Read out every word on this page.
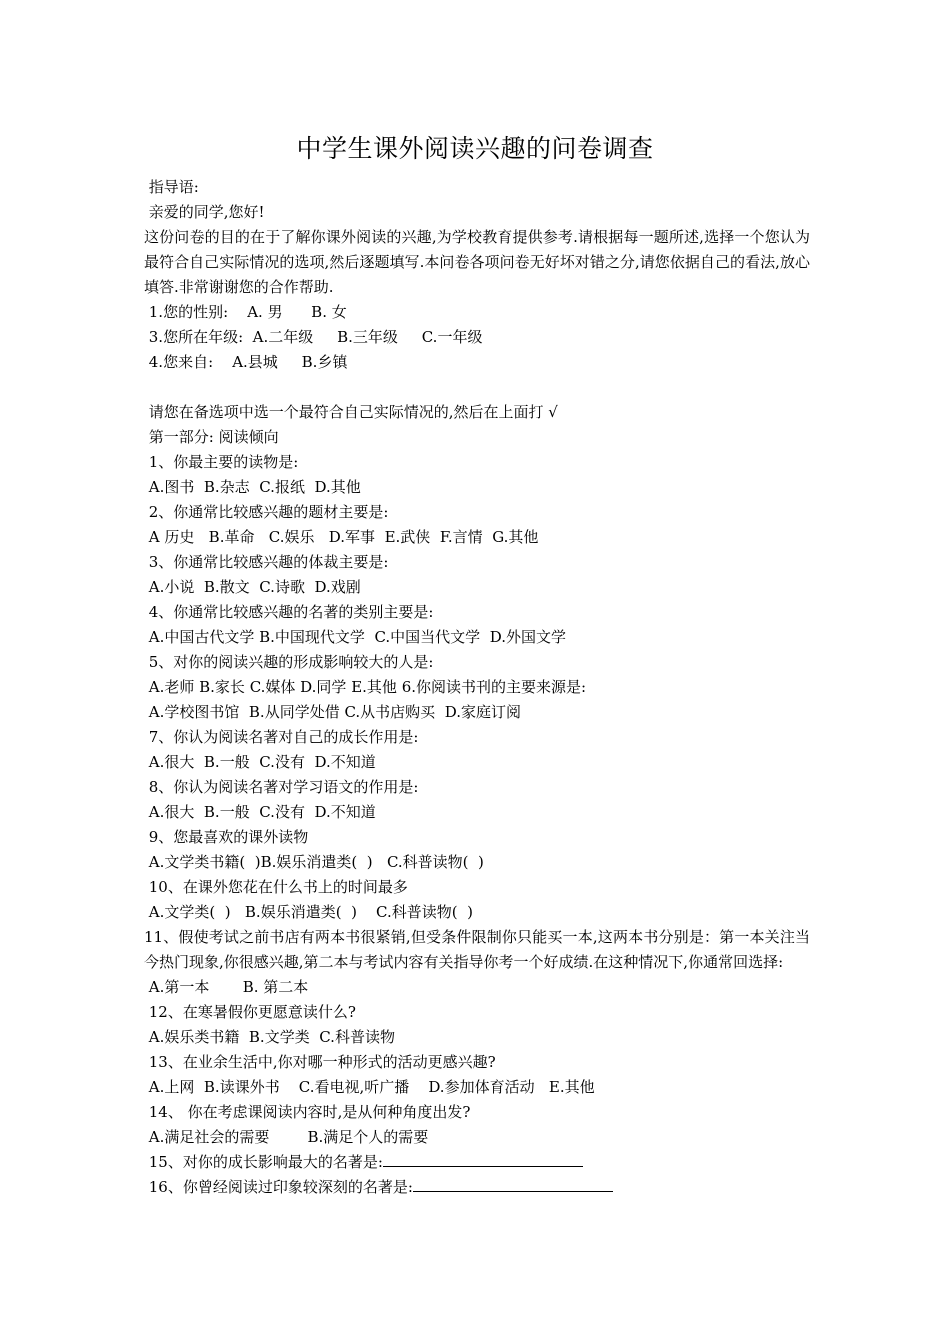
中学生课外阅读兴趣的问卷调查
指导语:
亲爱的同学,您好!
这份问卷的目的在于了解你课外阅读的兴趣,为学校教育提供参考.请根据每一题所述,选择一个您认为最符合自己实际情况的选项,然后逐题填写.本问卷各项问卷无好坏对错之分,请您依据自己的看法,放心填答.非常谢谢您的合作帮助.
1.您的性别:    A. 男      B. 女
3.您所在年级:  A.二年级     B.三年级     C.一年级
4.您来自:    A.县城     B.乡镇
请您在备选项中选一个最符合自己实际情况的,然后在上面打 √
第一部分: 阅读倾向
1、你最主要的读物是:
A.图书  B.杂志  C.报纸  D.其他
2、你通常比较感兴趣的题材主要是:
A 历史   B.革命   C.娱乐   D.军事  E.武侠  F.言情  G.其他
3、你通常比较感兴趣的体裁主要是:
A.小说  B.散文  C.诗歌  D.戏剧
4、你通常比较感兴趣的名著的类别主要是:
A.中国古代文学 B.中国现代文学  C.中国当代文学  D.外国文学
5、对你的阅读兴趣的形成影响较大的人是:
A.老师 B.家长 C.媒体 D.同学 E.其他 6.你阅读书刊的主要来源是:
A.学校图书馆  B.从同学处借 C.从书店购买  D.家庭订阅
7、你认为阅读名著对自己的成长作用是:
A.很大  B.一般  C.没有  D.不知道
8、你认为阅读名著对学习语文的作用是:
A.很大  B.一般  C.没有  D.不知道
9、您最喜欢的课外读物
A.文学类书籍(  )B.娱乐消遣类(  )   C.科普读物(  )
10、在课外您花在什么书上的时间最多
A.文学类(  )   B.娱乐消遣类(  )    C.科普读物(  )
11、假使考试之前书店有两本书很紧销,但受条件限制你只能买一本,这两本书分别是：第一本关注当今热门现象,你很感兴趣,第二本与考试内容有关指导你考一个好成绩.在这种情况下,你通常回选择:
A.第一本       B. 第二本
12、在寒暑假你更愿意读什么?
A.娱乐类书籍  B.文学类  C.科普读物
13、在业余生活中,你对哪一种形式的活动更感兴趣?
A.上网  B.读课外书    C.看电视,听广播    D.参加体育活动   E.其他
14、 你在考虑课阅读内容时,是从何种角度出发?
A.满足社会的需要        B.满足个人的需要
15、对你的成长影响最大的名著是:
16、你曾经阅读过印象较深刻的名著是:
